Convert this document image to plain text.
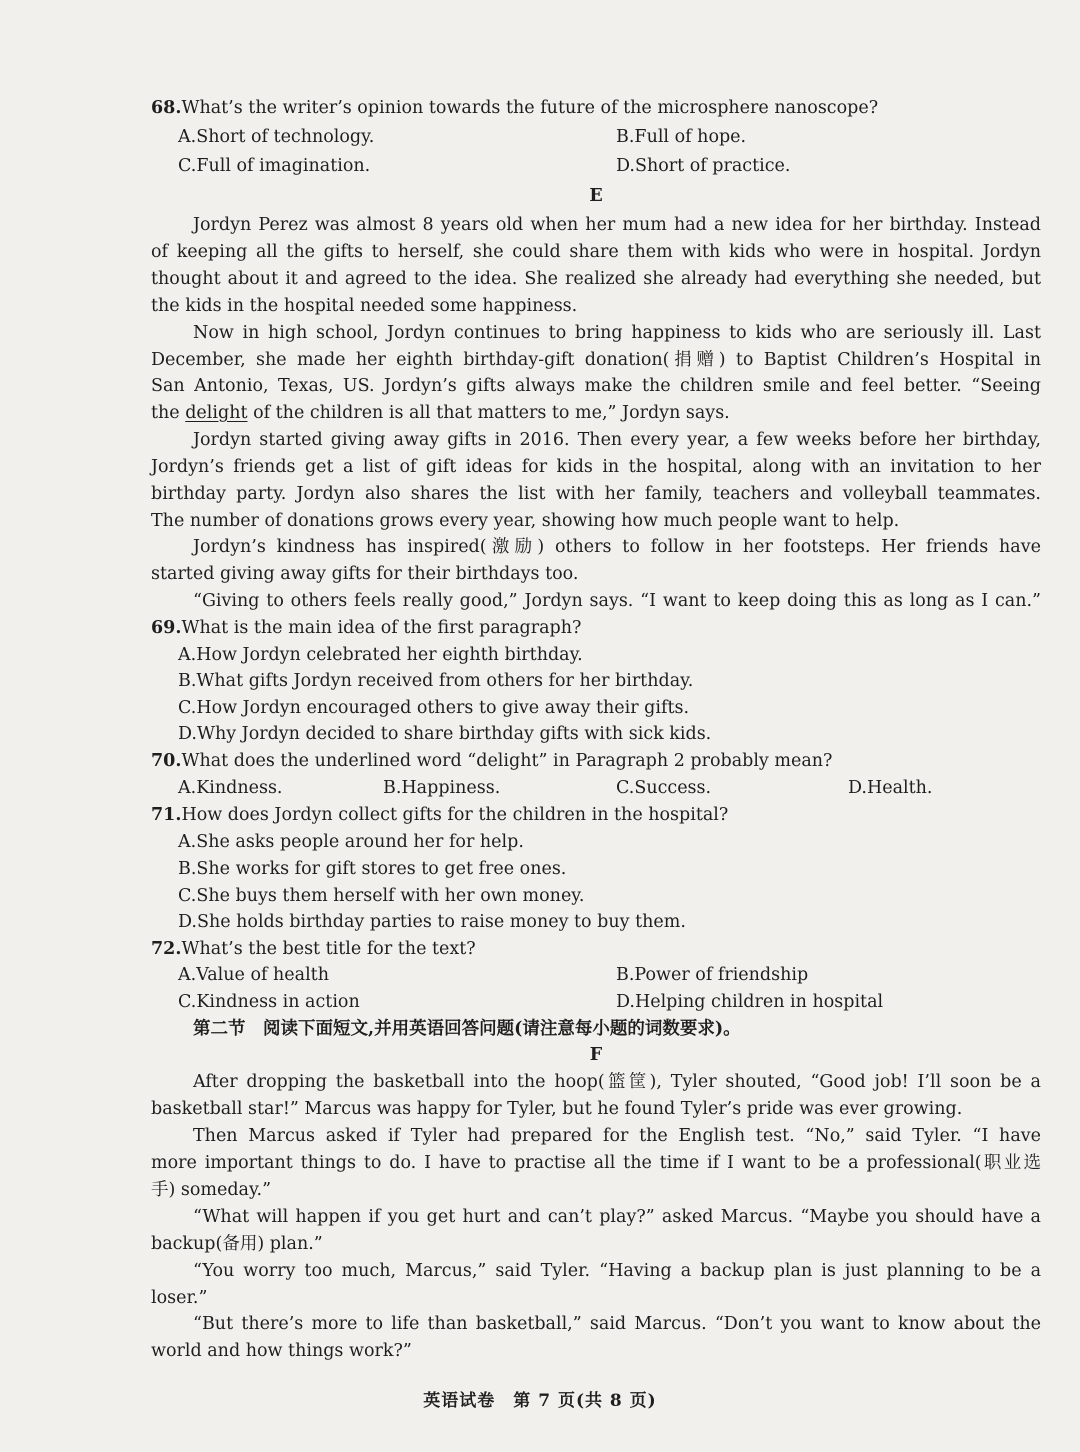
68.What’s the writer’s opinion towards the future of the microsphere nanoscope?
A.Short of technology.	B.Full of hope.
C.Full of imagination.	D.Short of practice.
E
Jordyn Perez was almost 8 years old when her mum had a new idea for her birthday. Instead
of keeping all the gifts to herself, she could share them with kids who were in hospital. Jordyn
thought about it and agreed to the idea. She realized she already had everything she needed, but
the kids in the hospital needed some happiness.
Now in high school, Jordyn continues to bring happiness to kids who are seriously ill. Last
December, she made her eighth birthday-gift donation(捐赠) to Baptist Children’s Hospital in
San Antonio, Texas, US. Jordyn’s gifts always make the children smile and feel better. “Seeing
the delight of the children is all that matters to me,” Jordyn says.
Jordyn started giving away gifts in 2016. Then every year, a few weeks before her birthday,
Jordyn’s friends get a list of gift ideas for kids in the hospital, along with an invitation to her
birthday party. Jordyn also shares the list with her family, teachers and volleyball teammates.
The number of donations grows every year, showing how much people want to help.
Jordyn’s kindness has inspired(激励) others to follow in her footsteps. Her friends have
started giving away gifts for their birthdays too.
“Giving to others feels really good,” Jordyn says. “I want to keep doing this as long as I can.”
69.What is the main idea of the first paragraph?
A.How Jordyn celebrated her eighth birthday.
B.What gifts Jordyn received from others for her birthday.
C.How Jordyn encouraged others to give away their gifts.
D.Why Jordyn decided to share birthday gifts with sick kids.
70.What does the underlined word “delight” in Paragraph 2 probably mean?
A.Kindness.	B.Happiness.	C.Success.	D.Health.
71.How does Jordyn collect gifts for the children in the hospital?
A.She asks people around her for help.
B.She works for gift stores to get free ones.
C.She buys them herself with her own money.
D.She holds birthday parties to raise money to buy them.
72.What’s the best title for the text?
A.Value of health	B.Power of friendship
C.Kindness in action	D.Helping children in hospital
第二节　阅读下面短文,并用英语回答问题(请注意每小题的词数要求)。
F
After dropping the basketball into the hoop(篮筐), Tyler shouted, “Good job! I’ll soon be a
basketball star!” Marcus was happy for Tyler, but he found Tyler’s pride was ever growing.
Then Marcus asked if Tyler had prepared for the English test. “No,” said Tyler. “I have
more important things to do. I have to practise all the time if I want to be a professional(职业选
手) someday.”
“What will happen if you get hurt and can’t play?” asked Marcus. “Maybe you should have a
backup(备用) plan.”
“You worry too much, Marcus,” said Tyler. “Having a backup plan is just planning to be a
loser.”
“But there’s more to life than basketball,” said Marcus. “Don’t you want to know about the
world and how things work?”
英语试卷　第 7 页(共 8 页)
